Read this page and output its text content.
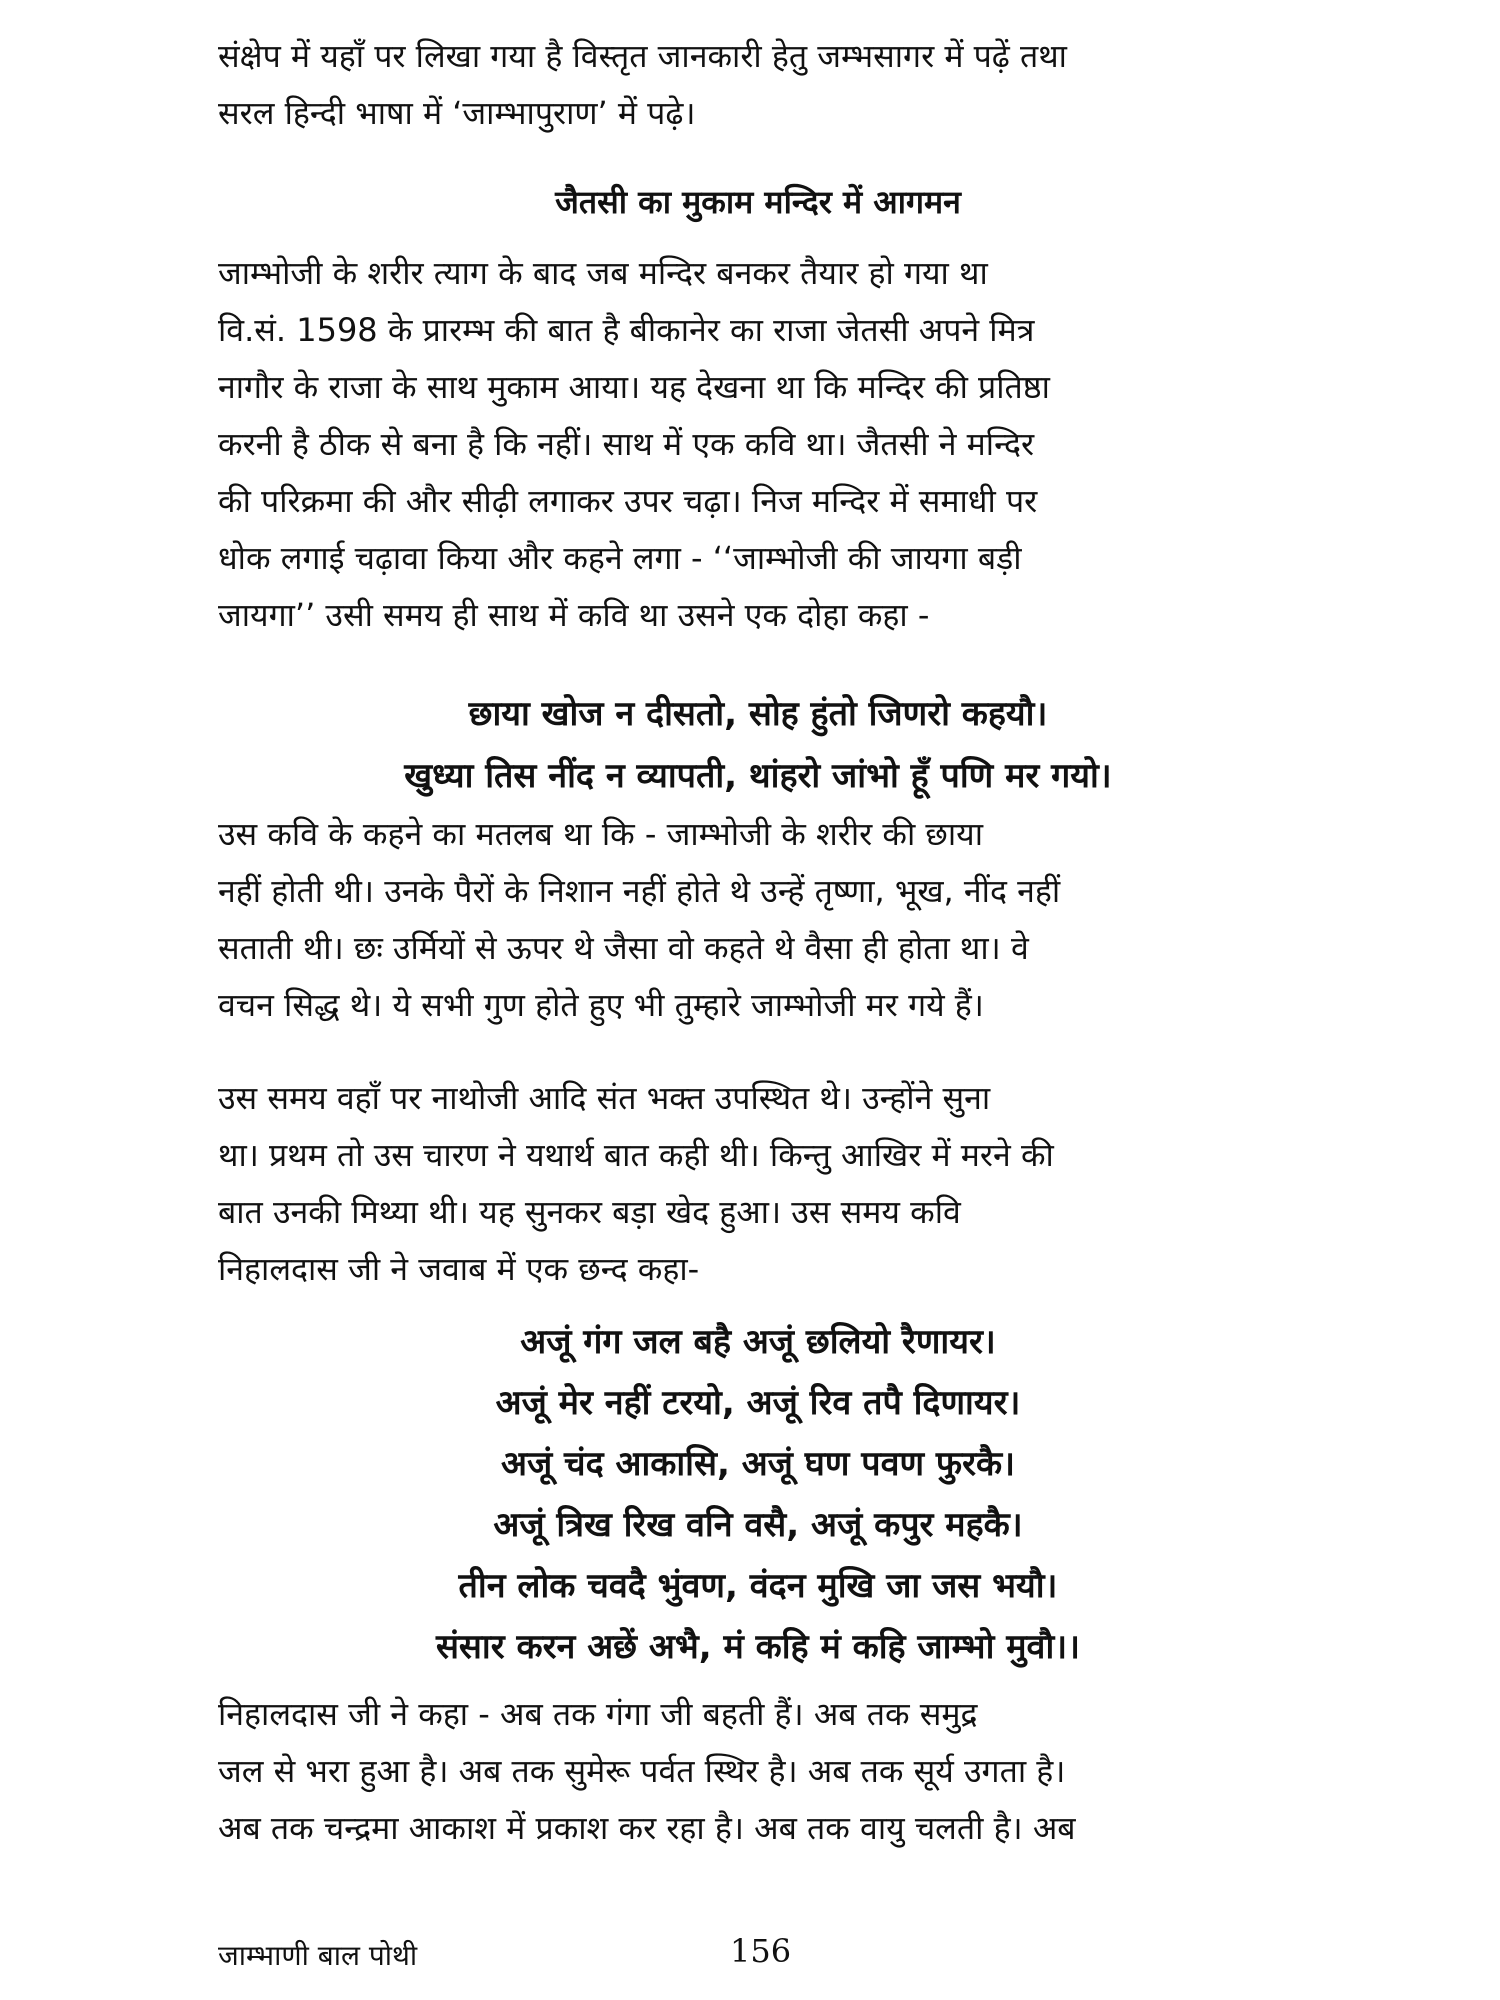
संक्षेप में यहाँ पर लिखा गया है विस्तृत जानकारी हेतु जम्भसागर में पढ़ें तथा
सरल हिन्दी भाषा में ‘जाम्भापुराण’ में पढ़े।
जैतसी का मुकाम मन्दिर में आगमन
जाम्भोजी के शरीर त्याग के बाद जब मन्दिर बनकर तैयार हो गया था
वि.सं. 1598 के प्रारम्भ की बात है बीकानेर का राजा जेतसी अपने मित्र
नागौर के राजा के साथ मुकाम आया। यह देखना था कि मन्दिर की प्रतिष्ठा
करनी है ठीक से बना है कि नहीं। साथ में एक कवि था। जैतसी ने मन्दिर
की परिक्रमा की और सीढ़ी लगाकर उपर चढ़ा। निज मन्दिर में समाधी पर
धोक लगाई चढ़ावा किया और कहने लगा - ‘‘जाम्भोजी की जायगा बड़ी
जायगा’’ उसी समय ही साथ में कवि था उसने एक दोहा कहा -
छाया खोज न दीसतो, सोह हुंतो जिणरो कहयौ।
खुध्या तिस नींद न व्यापती, थांहरो जांभो हूँ पणि मर गयो।
उस कवि के कहने का मतलब था कि - जाम्भोजी के शरीर की छाया
नहीं होती थी। उनके पैरों के निशान नहीं होते थे उन्हें तृष्णा, भूख, नींद नहीं
सताती थी। छः उर्मियों से ऊपर थे जैसा वो कहते थे वैसा ही होता था। वे
वचन सिद्ध थे। ये सभी गुण होते हुए भी तुम्हारे जाम्भोजी मर गये हैं।
उस समय वहाँ पर नाथोजी आदि संत भक्त उपस्थित थे। उन्होंने सुना
था। प्रथम तो उस चारण ने यथार्थ बात कही थी। किन्तु आखिर में मरने की
बात उनकी मिथ्या थी। यह सुनकर बड़ा खेद हुआ। उस समय कवि
निहालदास जी ने जवाब में एक छन्द कहा-
अजूं गंग जल बहै अजूं छलियो रैणायर।
अजूं मेर नहीं टरयो, अजूं रिव तपै दिणायर।
अजूं चंद आकासि, अजूं घण पवण फुरकै।
अजूं त्रिख रिख वनि वसै, अजूं कपुर महकै।
तीन लोक चवदै भुंवण, वंदन मुखि जा जस भयौ।
संसार करन अछें अभै, मं कहि मं कहि जाम्भो मुवौ।।
निहालदास जी ने कहा - अब तक गंगा जी बहती हैं। अब तक समुद्र
जल से भरा हुआ है। अब तक सुमेरू पर्वत स्थिर है। अब तक सूर्य उगता है।
अब तक चन्द्रमा आकाश में प्रकाश कर रहा है। अब तक वायु चलती है। अब
जाम्भाणी बाल पोथी	156
